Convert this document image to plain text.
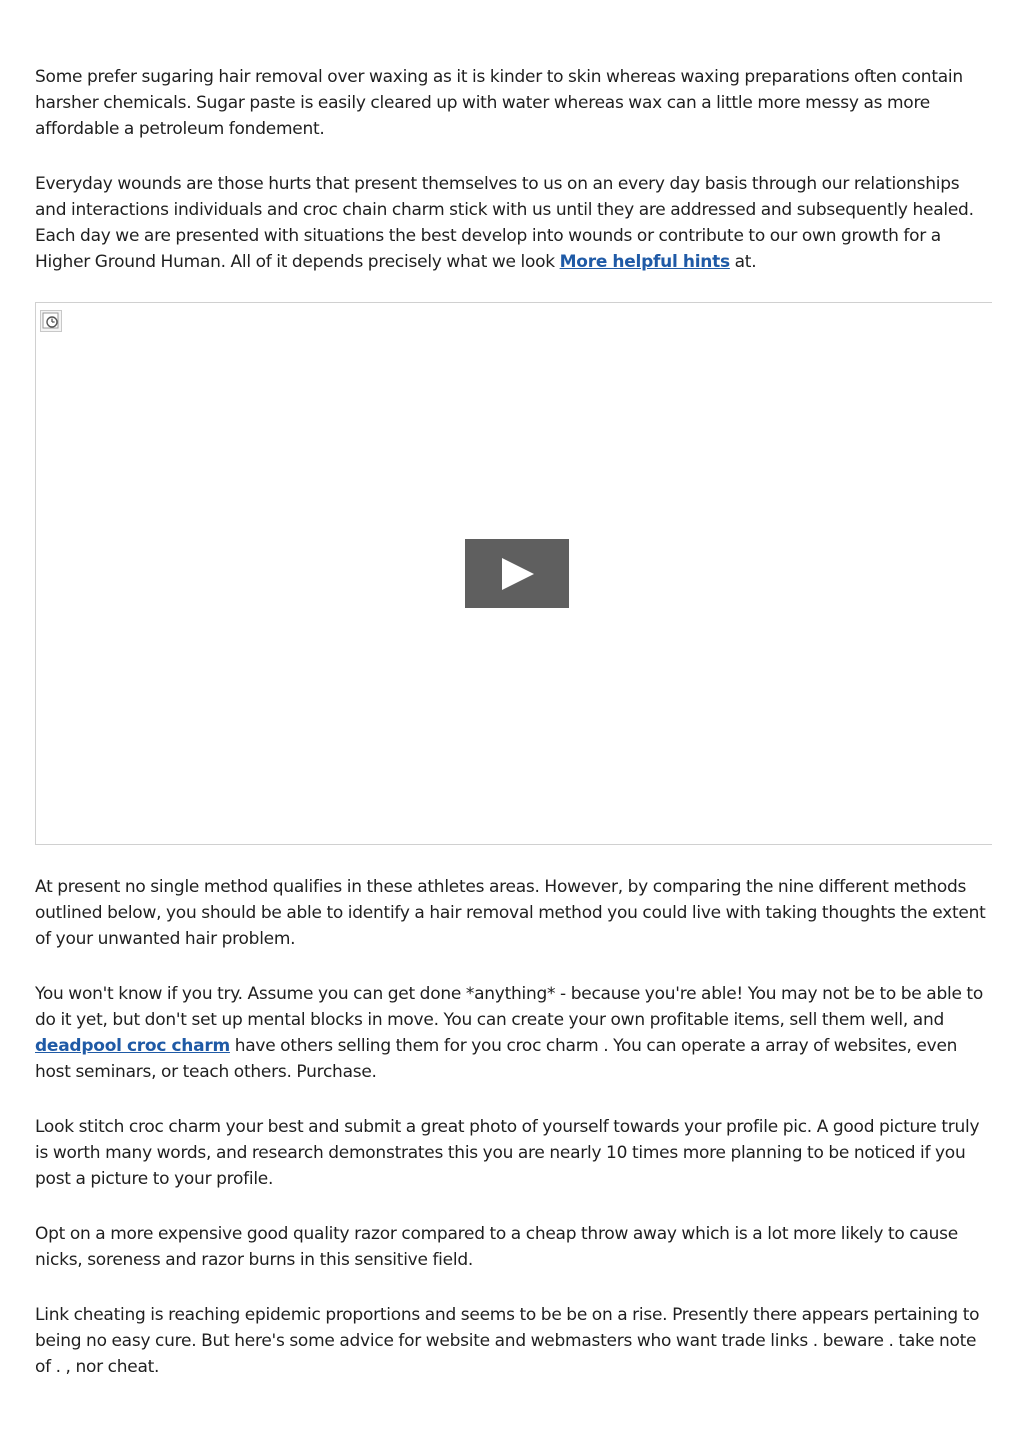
Some prefer sugaring hair removal over waxing as it is kinder to skin whereas waxing preparations often contain harsher chemicals. Sugar paste is easily cleared up with water whereas wax can a little more messy as more affordable a petroleum fondement.

Everyday wounds are those hurts that present themselves to us on an every day basis through our relationships and interactions individuals and croc chain charm stick with us until they are addressed and subsequently healed. Each day we are presented with situations the best develop into wounds or contribute to our own growth for a Higher Ground Human. All of it depends precisely what we look More helpful hints at.

At present no single method qualifies in these athletes areas. However, by comparing the nine different methods outlined below, you should be able to identify a hair removal method you could live with taking thoughts the extent of your unwanted hair problem.

You won't know if you try. Assume you can get done *anything* - because you're able! You may not be to be able to do it yet, but don't set up mental blocks in move. You can create your own profitable items, sell them well, and deadpool croc charm have others selling them for you croc charm . You can operate a array of websites, even host seminars, or teach others. Purchase.

Look stitch croc charm your best and submit a great photo of yourself towards your profile pic. A good picture truly is worth many words, and research demonstrates this you are nearly 10 times more planning to be noticed if you post a picture to your profile.

Opt on a more expensive good quality razor compared to a cheap throw away which is a lot more likely to cause nicks, soreness and razor burns in this sensitive field.

Link cheating is reaching epidemic proportions and seems to be be on a rise. Presently there appears pertaining to being no easy cure. But here's some advice for website and webmasters who want trade links . beware . take note of . , nor cheat.
